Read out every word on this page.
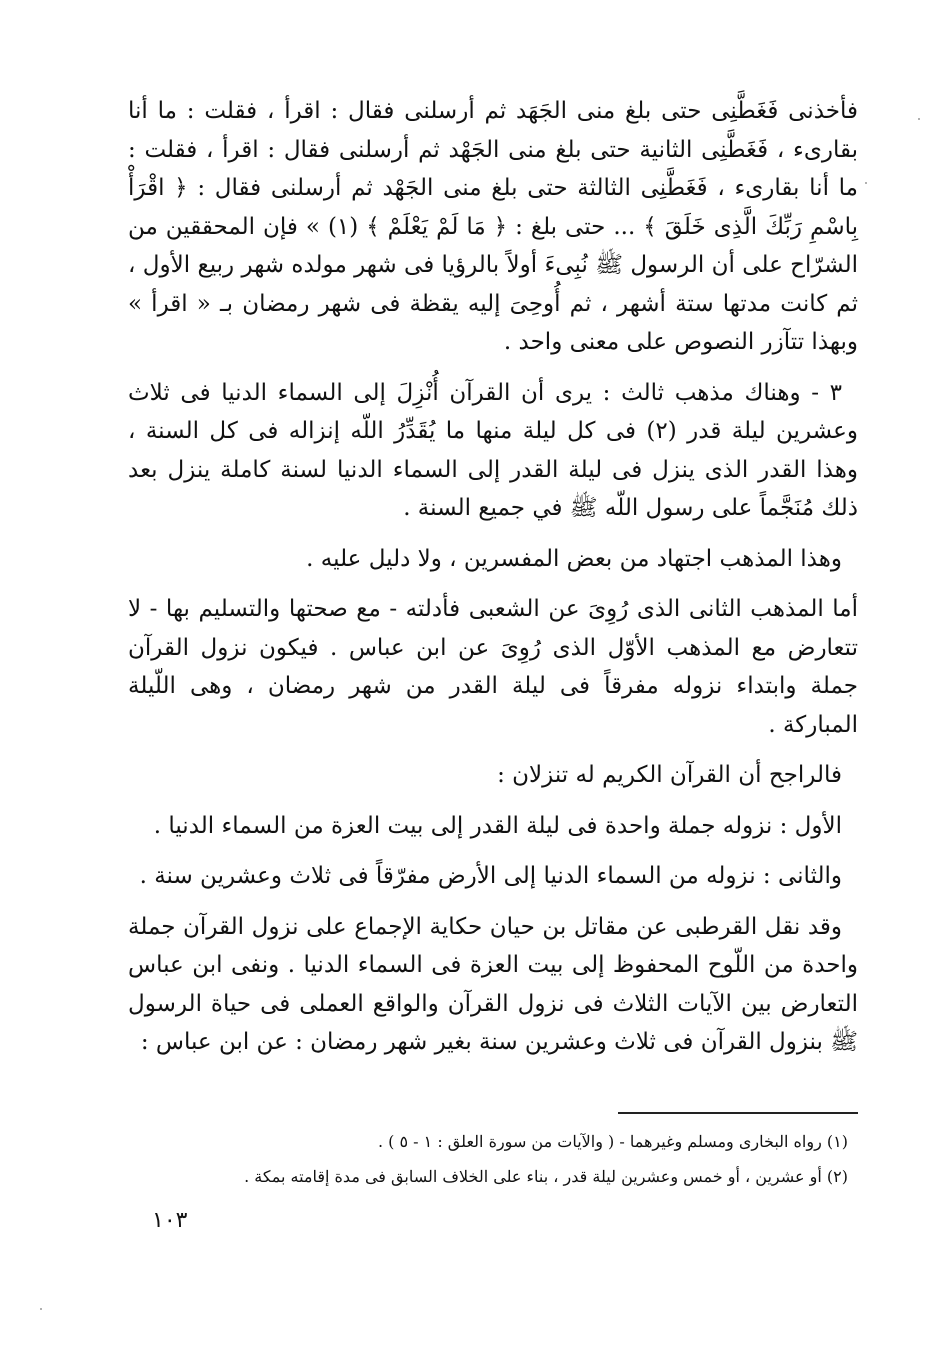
فأخذنى فَغَطَّنِى حتى بلغ منى الجَهَد ثم أرسلنى فقال : اقرأ ، فقلت : ما أنا بقارىء ، فَغَطَّنِى الثانية حتى بلغ منى الجَهْد ثم أرسلنى فقال : اقرأ ، فقلت : ما أنا بقارىء ، فَغَطَّنِى الثالثة حتى بلغ منى الجَهْد ثم أرسلنى فقال : ﴿ اقْرَأْ بِاسْمِ رَبِّكَ الَّذِى خَلَقَ ﴾ ... حتى بلغ : ﴿ مَا لَمْ يَعْلَمْ ﴾ (١) » فإن المحققين من الشرّاح على أن الرسول ﷺ نُبِىءَ أولاً بالرؤيا فى شهر مولده شهر ربيع الأول ، ثم كانت مدتها ستة أشهر ، ثم أُوحِىَ إليه يقظة فى شهر رمضان بـ « اقرأ » وبهذا تتآزر النصوص على معنى واحد .

٣ - وهناك مذهب ثالث : يرى أن القرآن أُنْزِلَ إلى السماء الدنيا فى ثلاث وعشرين ليلة قدر (٢) فى كل ليلة منها ما يُقَدِّرُ اللّه إنزاله فى كل السنة ، وهذا القدر الذى ينزل فى ليلة القدر إلى السماء الدنيا لسنة كاملة ينزل بعد ذلك مُنَجَّماً على رسول اللّه ﷺ في جميع السنة .

وهذا المذهب اجتهاد من بعض المفسرين ، ولا دليل عليه .

أما المذهب الثانى الذى رُوِىَ عن الشعبى فأدلته - مع صحتها والتسليم بها - لا تتعارض مع المذهب الأوّل الذى رُوِىَ عن ابن عباس . فيكون نزول القرآن جملة وابتداء نزوله مفرقاً فى ليلة القدر من شهر رمضان ، وهى اللّيلة المباركة .

فالراجح أن القرآن الكريم له تنزلان :

الأول : نزوله جملة واحدة فى ليلة القدر إلى بيت العزة من السماء الدنيا .

والثانى : نزوله من السماء الدنيا إلى الأرض مفرّقاً فى ثلاث وعشرين سنة .

وقد نقل القرطبى عن مقاتل بن حيان حكاية الإجماع على نزول القرآن جملة واحدة من اللّوح المحفوظ إلى بيت العزة فى السماء الدنيا . ونفى ابن عباس التعارض بين الآيات الثلاث فى نزول القرآن والواقع العملى فى حياة الرسول ﷺ بنزول القرآن فى ثلاث وعشرين سنة بغير شهر رمضان : عن ابن عباس :

(١) رواه البخارى ومسلم وغيرهما - ( والآيات من سورة العلق : ١ - ٥ ) .

(٢) أو عشرين ، أو خمس وعشرين ليلة قدر ، بناء على الخلاف السابق فى مدة إقامته بمكة .

١٠٣
